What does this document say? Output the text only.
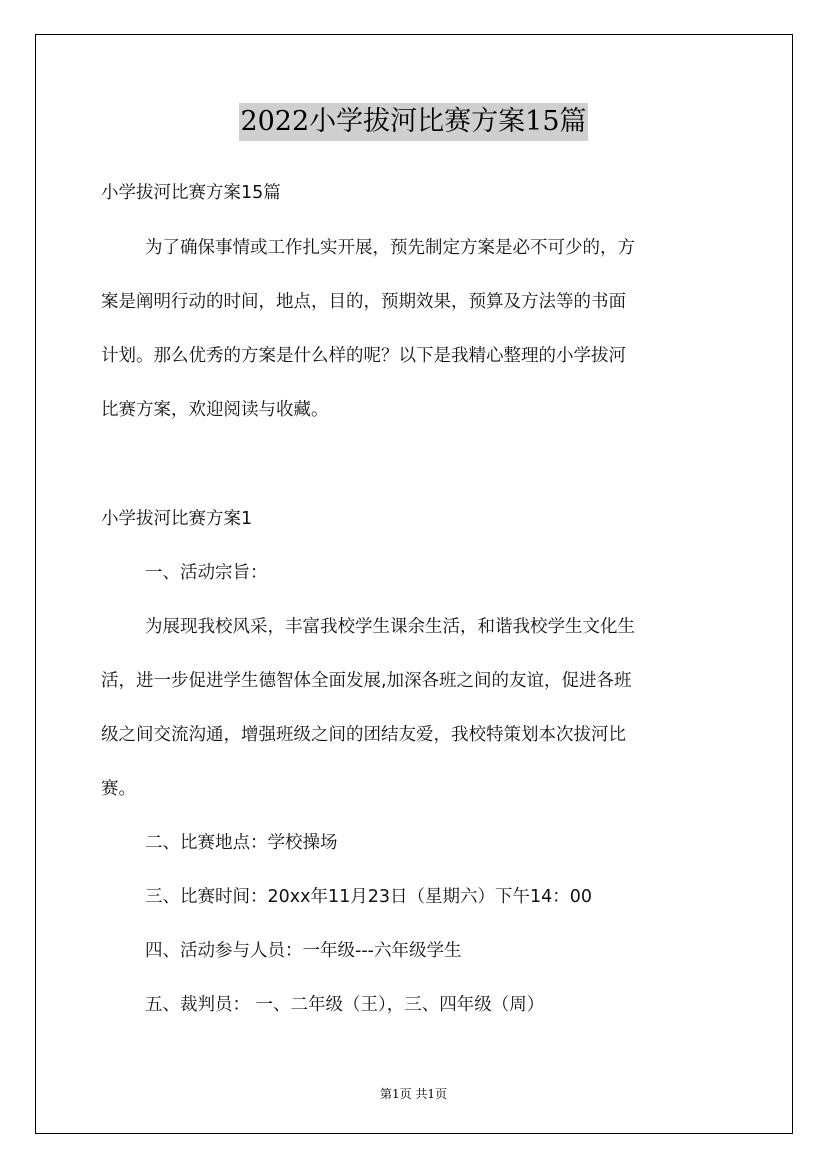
2022小学拔河比赛方案15篇
小学拔河比赛方案15篇
为了确保事情或工作扎实开展，预先制定方案是必不可少的，方
案是阐明行动的时间，地点，目的，预期效果，预算及方法等的书面
计划。那么优秀的方案是什么样的呢？以下是我精心整理的小学拔河
比赛方案，欢迎阅读与收藏。
小学拔河比赛方案1
一、活动宗旨：
为展现我校风采，丰富我校学生课余生活，和谐我校学生文化生
活，进一步促进学生德智体全面发展,加深各班之间的友谊，促进各班
级之间交流沟通，增强班级之间的团结友爱，我校特策划本次拔河比
赛。
二、比赛地点：学校操场
三、比赛时间：20xx年11月23日（星期六）下午14：00
四、活动参与人员：一年级---六年级学生
五、裁判员： 一、二年级（王），三、四年级（周）
第1页 共1页
